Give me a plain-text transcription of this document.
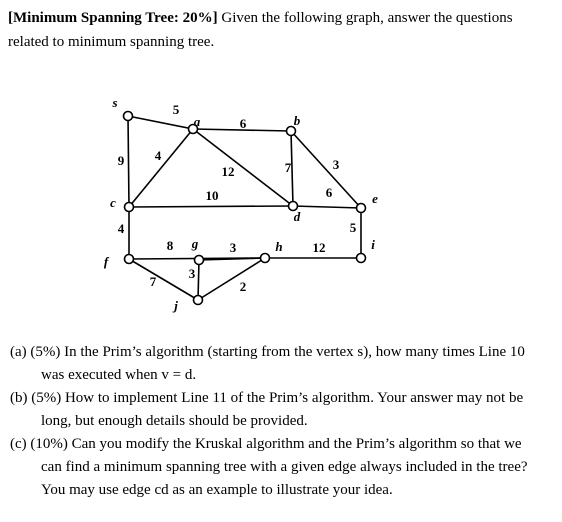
[Minimum Spanning Tree: 20%] Given the following graph, answer the questions
related to minimum spanning tree.
5
9 4
6
12	7	3
10	6
4	5
8	3	12
7
3
2
s
a	b
c
d
e
f
g	h	i
j

(a) (5%) In the Prim’s algorithm (starting from the vertex s), how many times Line 10 was executed when v = d.

(b) (5%) How to implement Line 11 of the Prim’s algorithm. Your answer may not be long, but enough details should be provided.

(c) (10%) Can you modify the Kruskal algorithm and the Prim’s algorithm so that we can find a minimum spanning tree with a given edge always included in the tree? You may use edge cd as an example to illustrate your idea.
